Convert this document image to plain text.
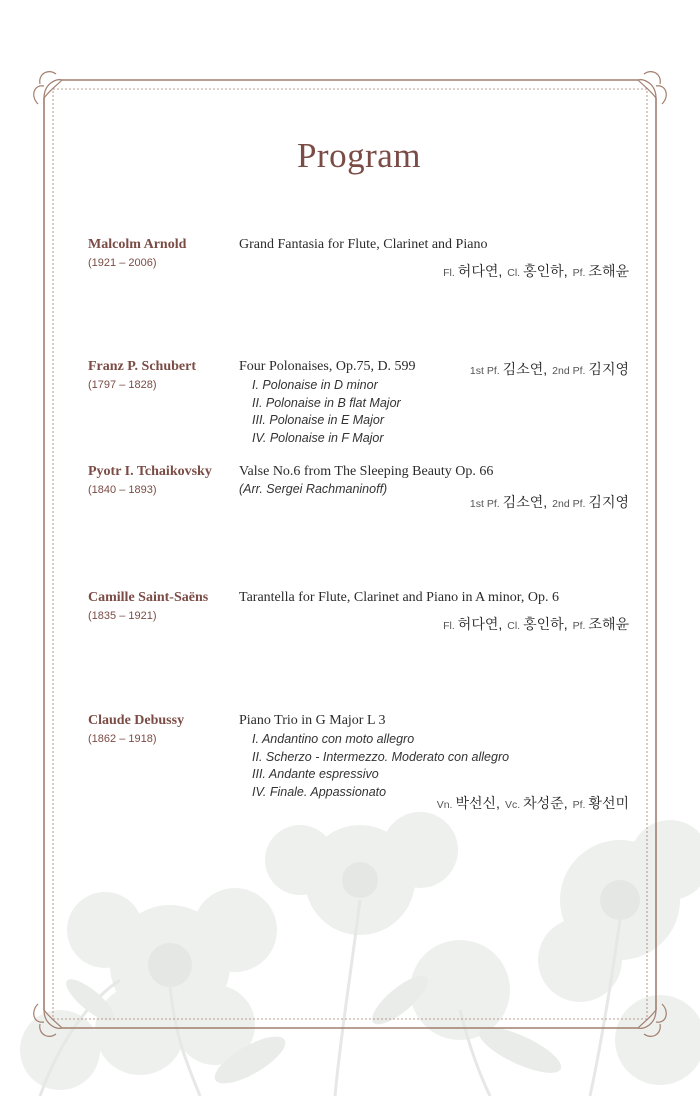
Program
Malcolm Arnold
(1921 – 2006)
Grand Fantasia for Flute, Clarinet and Piano
Fl. 허다연 , Cl. 홍인하 , Pf. 조해윤
Franz P. Schubert
(1797 – 1828)
Four Polonaises, Op.75, D. 599
I. Polonaise in D minor
II. Polonaise in B flat Major
III. Polonaise in E Major
IV. Polonaise in F Major
1st Pf. 김소연 , 2nd Pf. 김지영
Pyotr I. Tchaikovsky
(1840 – 1893)
Valse No.6 from The Sleeping Beauty Op. 66
(Arr. Sergei Rachmaninoff)
1st Pf. 김소연 , 2nd Pf. 김지영
Camille Saint-Saëns
(1835 – 1921)
Tarantella for Flute, Clarinet and Piano in A minor, Op. 6
Fl. 허다연 , Cl. 홍인하 , Pf. 조해윤
Claude Debussy
(1862 – 1918)
Piano Trio in G Major L 3
I. Andantino con moto allegro
II. Scherzo - Intermezzo. Moderato con allegro
III. Andante espressivo
IV. Finale. Appassionato
Vn. 박선신 , Vc. 차성준 , Pf. 황선미
